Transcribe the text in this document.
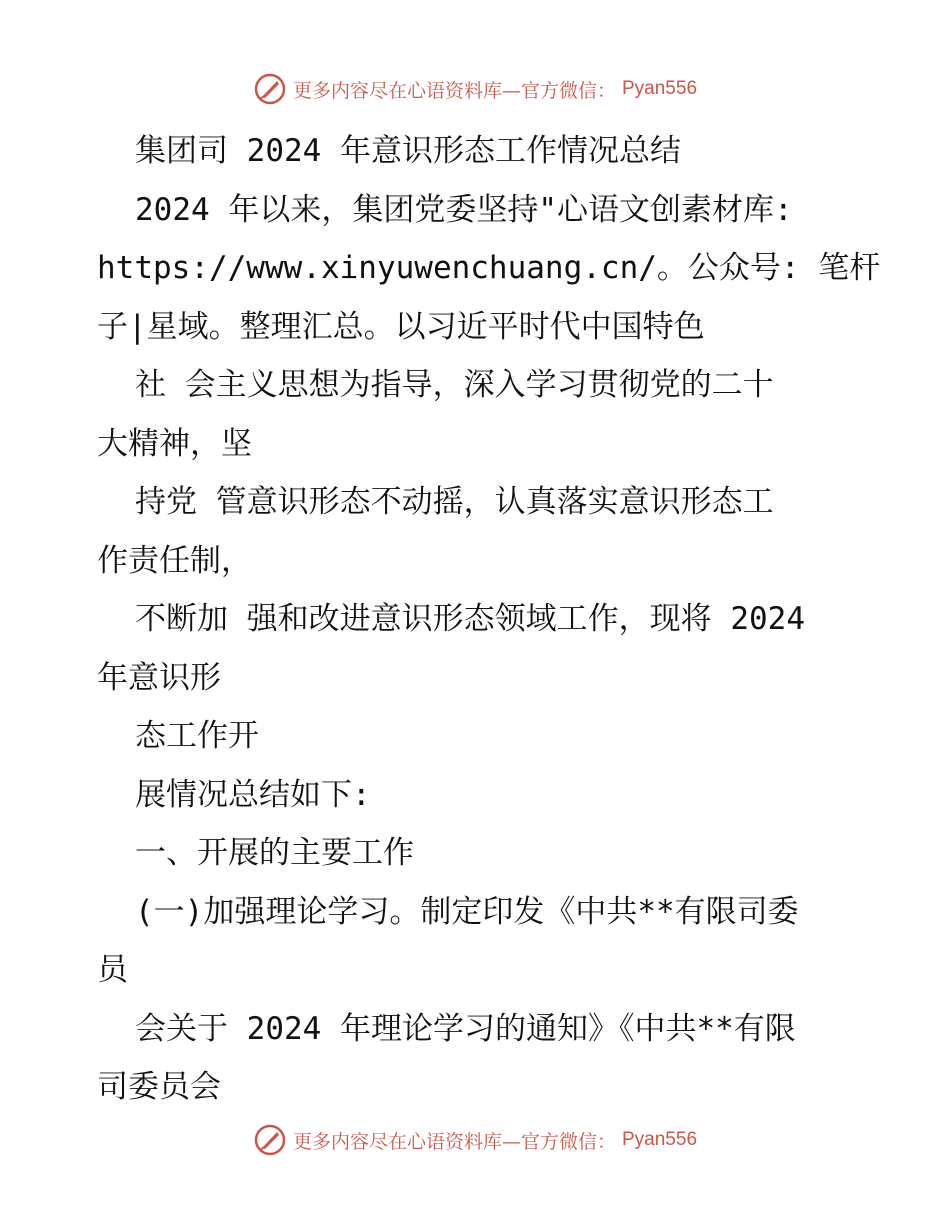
更多内容尽在心语资料库—官方微信： Pyan556
集团司 2024 年意识形态工作情况总结
2024 年以来，集团党委坚持"心语文创素材库:
https://www.xinyuwenchuang.cn/。公众号: 笔杆
子|星域。整理汇总。以习近平时代中国特色
社 会主义思想为指导，深入学习贯彻党的二十
大精神，坚
持党 管意识形态不动摇，认真落实意识形态工
作责任制，
不断加 强和改进意识形态领域工作，现将 2024
年意识形
态工作开
展情况总结如下:
一、开展的主要工作
(一)加强理论学习。制定印发《中共**有限司委
员
会关于 2024 年理论学习的通知》《中共**有限
司委员会
更多内容尽在心语资料库—官方微信： Pyan556
